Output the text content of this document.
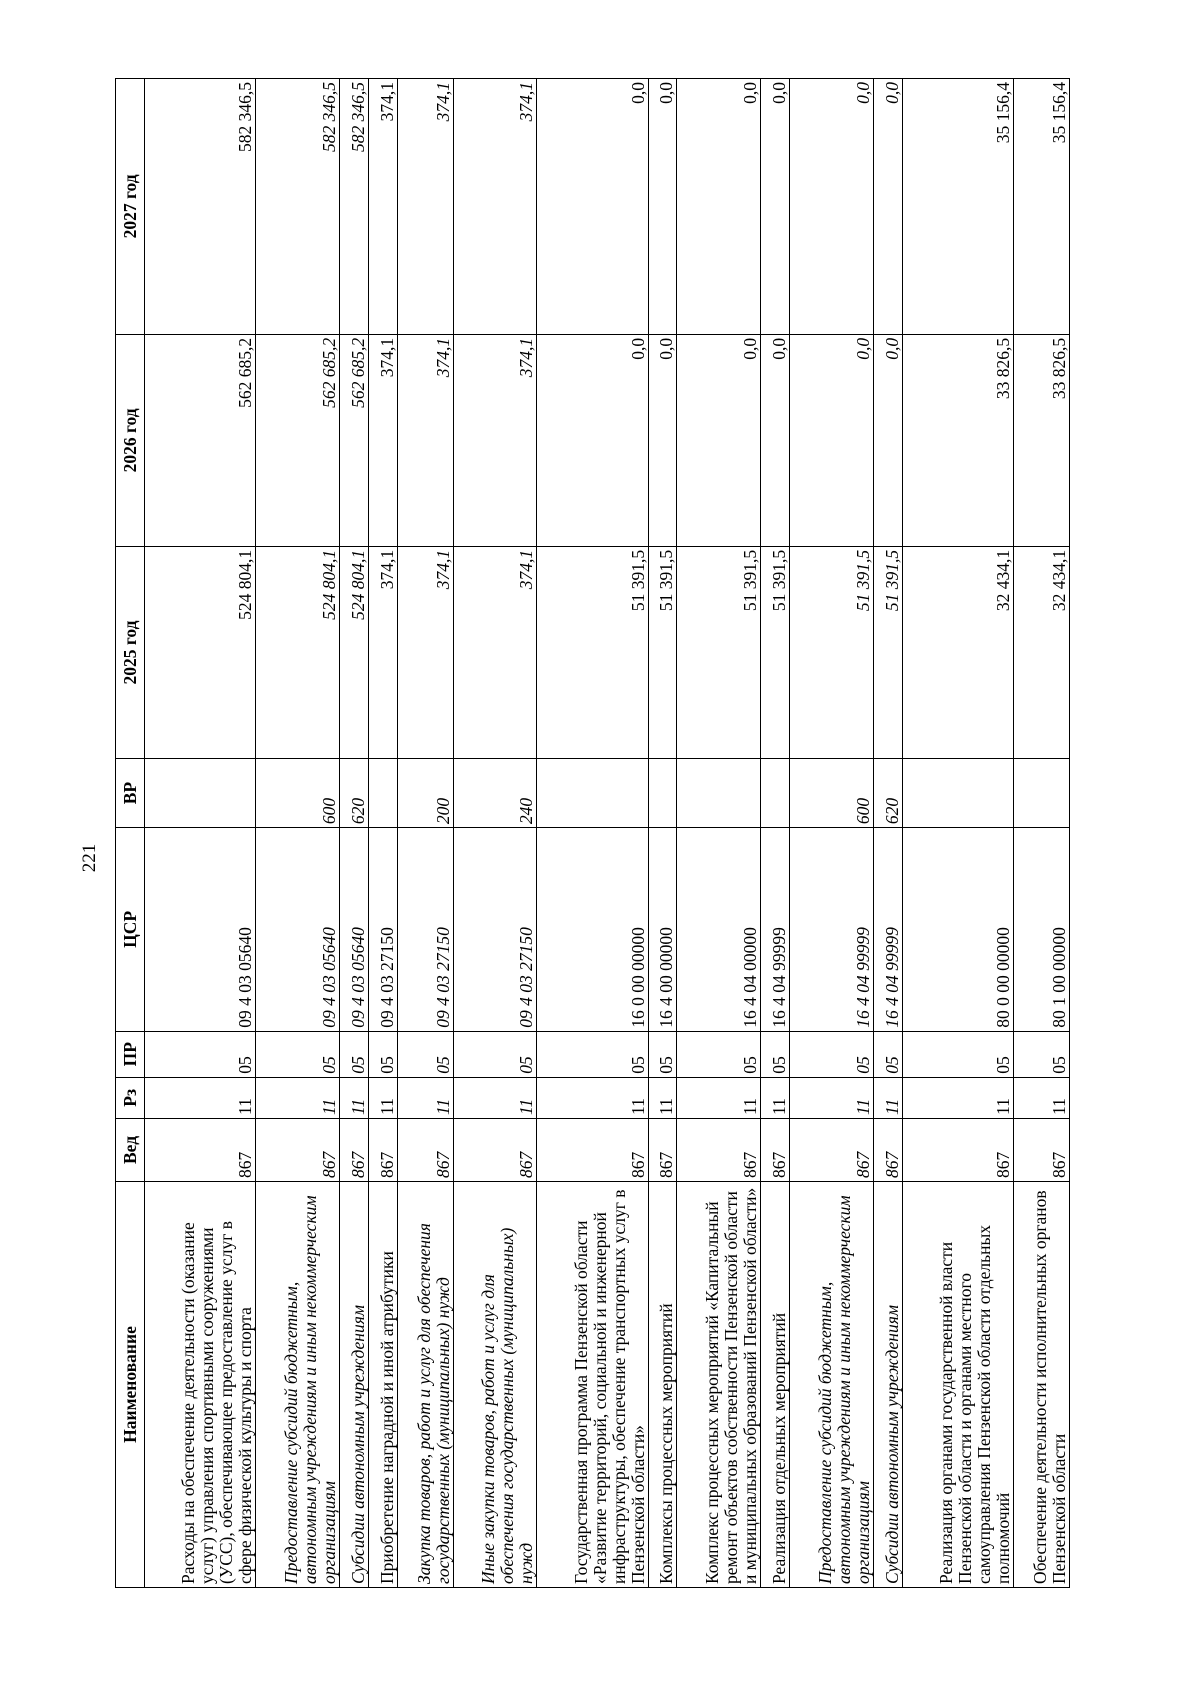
221
Наименование	Вед	Рз	ПР	ЦСР	ВР	2025 год	2026 год	2027 год
Расходы на обеспечение деятельности (оказание услуг) управления спортивными сооружениями (УСС), обеспечивающее предоставление услуг в сфере физической культуры и спорта	867	11	05	09 4 03 05640		524 804,1	562 685,2	582 346,5
Предоставление субсидий бюджетным, автономным учреждениям и иным некоммерческим организациям	867	11	05	09 4 03 05640	600	524 804,1	562 685,2	582 346,5
Субсидии автономным учреждениям	867	11	05	09 4 03 05640	620	524 804,1	562 685,2	582 346,5
Приобретение наградной и иной атрибутики	867	11	05	09 4 03 27150		374,1	374,1	374,1
Закупка товаров, работ и услуг для обеспечения государственных (муниципальных) нужд	867	11	05	09 4 03 27150	200	374,1	374,1	374,1
Иные закупки товаров, работ и услуг для обеспечения государственных (муниципальных) нужд	867	11	05	09 4 03 27150	240	374,1	374,1	374,1
Государственная программа Пензенской области «Развитие территорий, социальной и инженерной инфраструктуры, обеспечение транспортных услуг в Пензенской области»	867	11	05	16 0 00 00000		51 391,5	0,0	0,0
Комплексы процессных мероприятий	867	11	05	16 4 00 00000		51 391,5	0,0	0,0
Комплекс процессных мероприятий «Капитальный ремонт объектов собственности Пензенской области и муниципальных образований Пензенской области»	867	11	05	16 4 04 00000		51 391,5	0,0	0,0
Реализация отдельных мероприятий	867	11	05	16 4 04 99999		51 391,5	0,0	0,0
Предоставление субсидий бюджетным, автономным учреждениям и иным некоммерческим организациям	867	11	05	16 4 04 99999	600	51 391,5	0,0	0,0
Субсидии автономным учреждениям	867	11	05	16 4 04 99999	620	51 391,5	0,0	0,0
Реализация органами государственной власти Пензенской области и органами местного самоуправления Пензенской области отдельных полномочий	867	11	05	80 0 00 00000		32 434,1	33 826,5	35 156,4
Обеспечение деятельности исполнительных органов Пензенской области	867	11	05	80 1 00 00000		32 434,1	33 826,5	35 156,4
